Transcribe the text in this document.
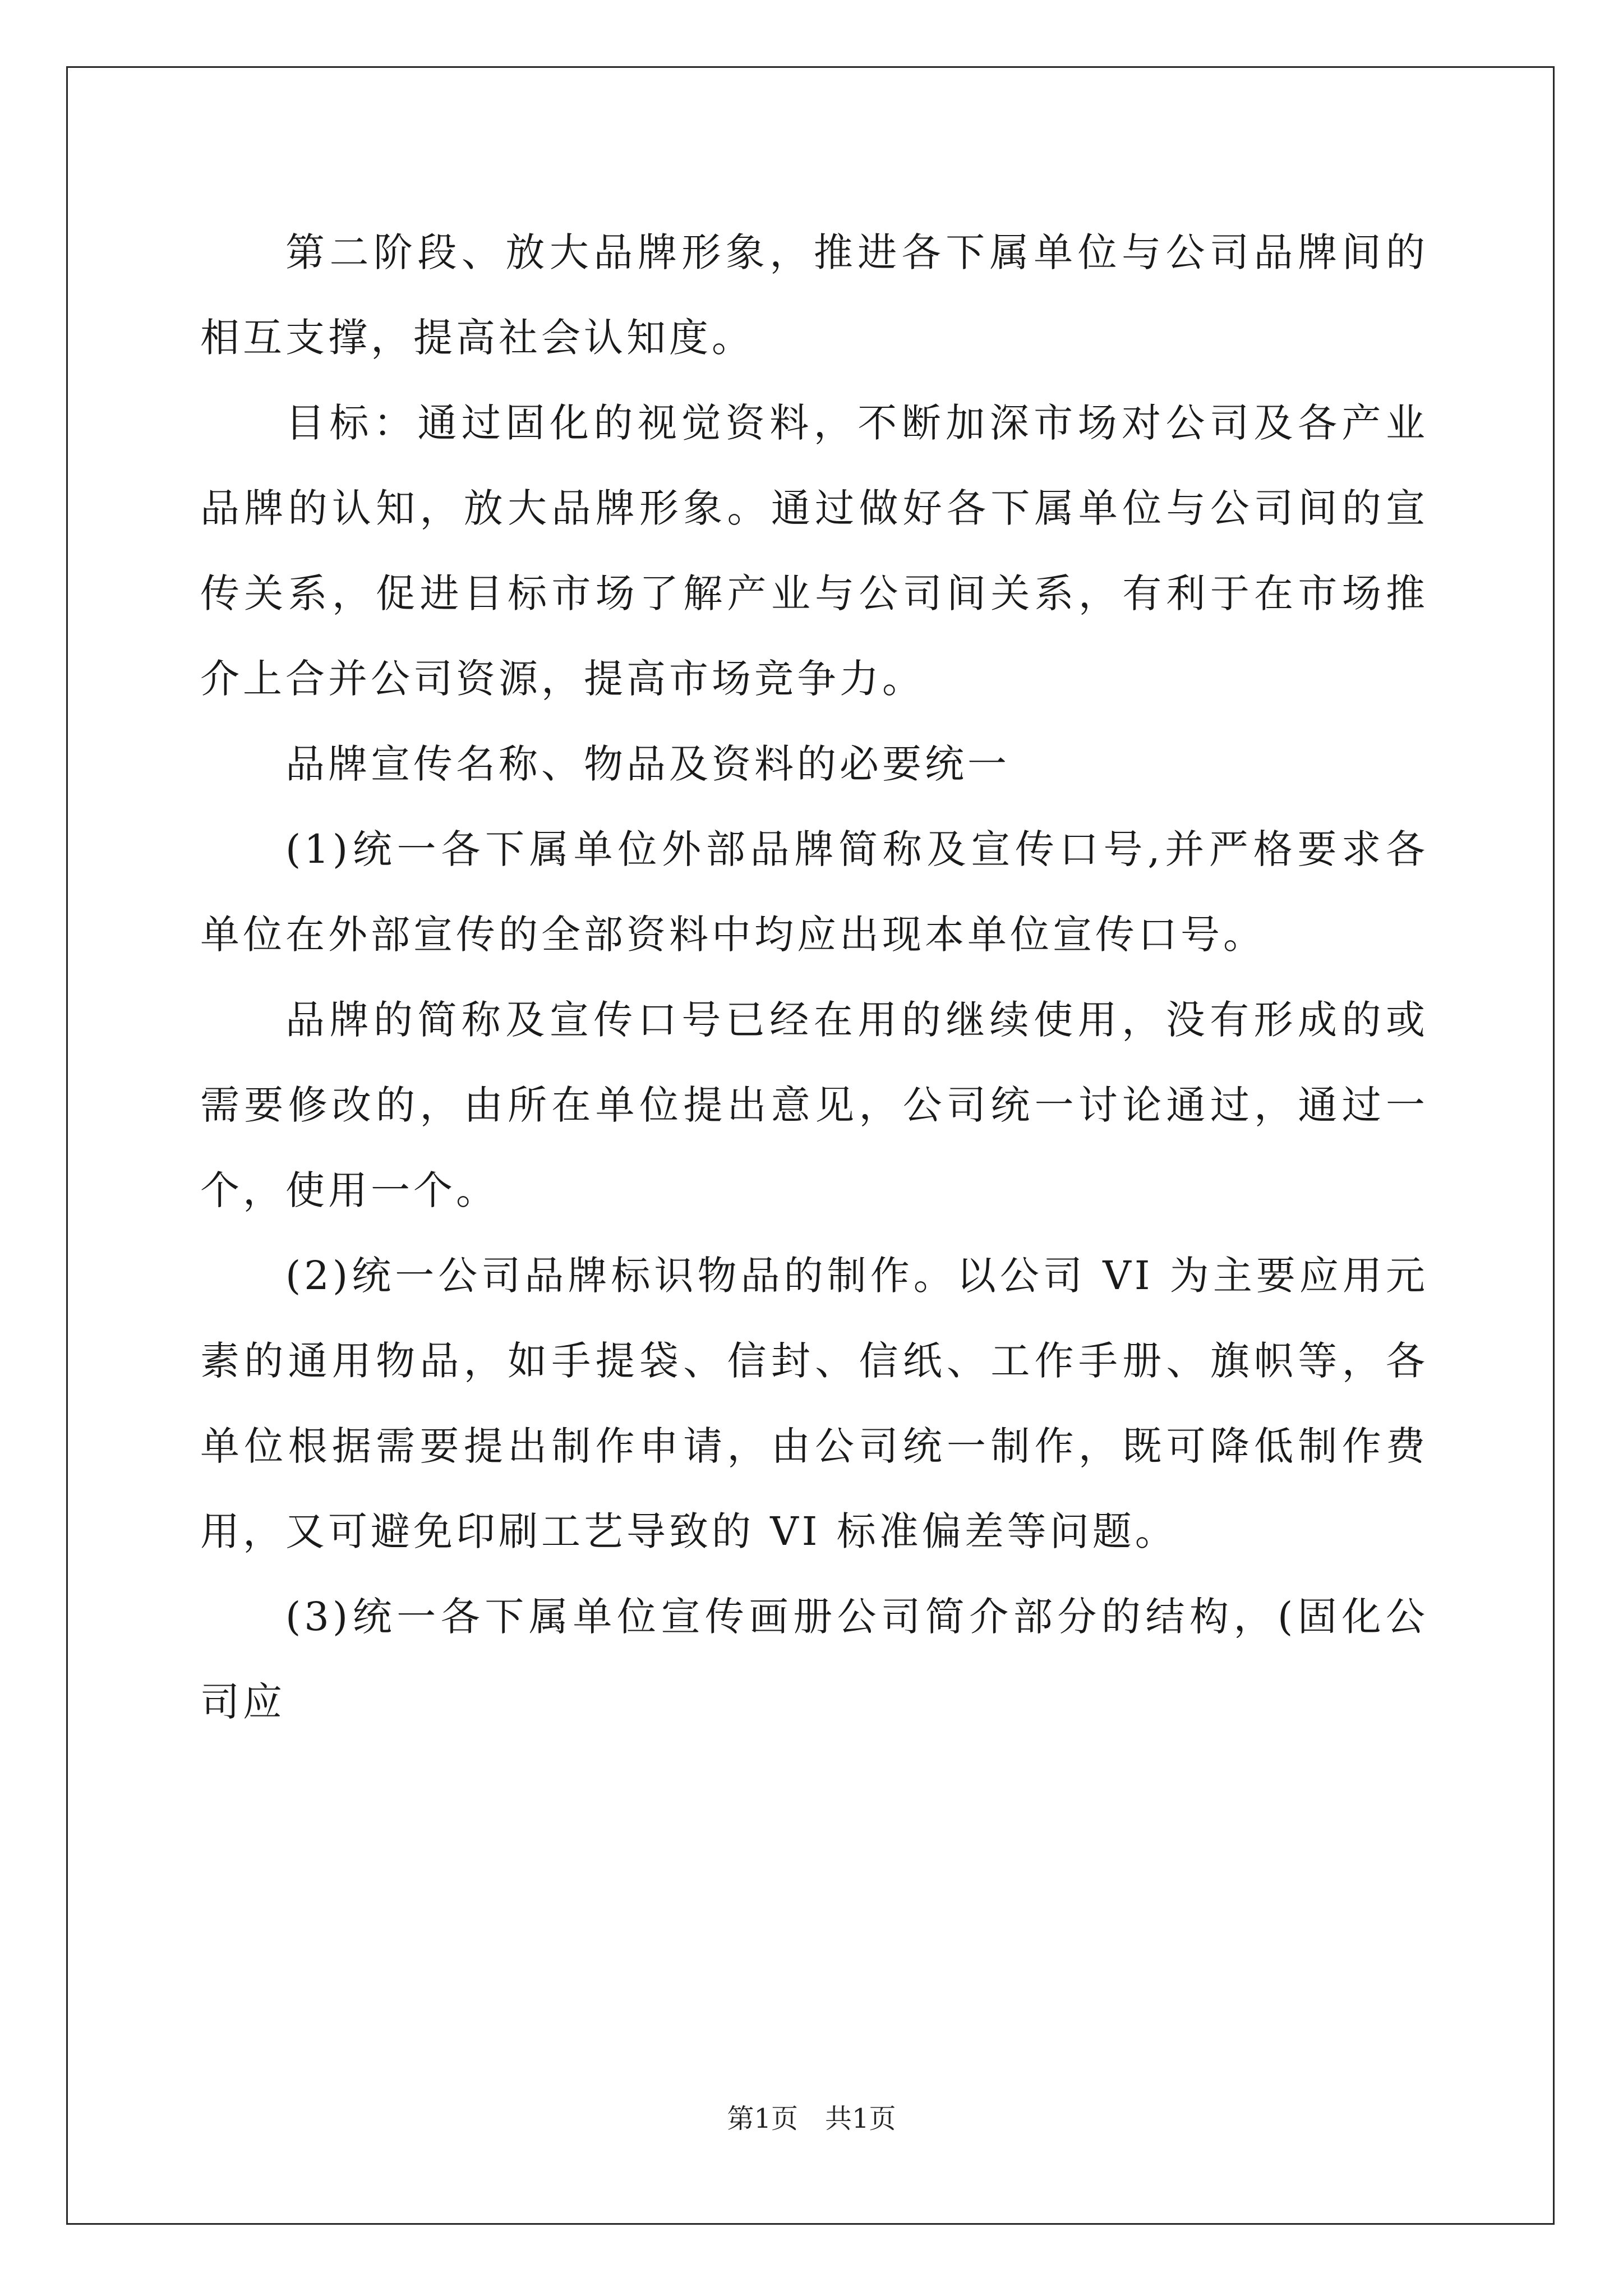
第二阶段、放大品牌形象，推进各下属单位与公司品牌间的相互支撑，提高社会认知度。

目标：通过固化的视觉资料，不断加深市场对公司及各产业品牌的认知，放大品牌形象。通过做好各下属单位与公司间的宣传关系，促进目标市场了解产业与公司间关系，有利于在市场推介上合并公司资源，提高市场竞争力。

品牌宣传名称、物品及资料的必要统一

(1)统一各下属单位外部品牌简称及宣传口号,并严格要求各单位在外部宣传的全部资料中均应出现本单位宣传口号。

品牌的简称及宣传口号已经在用的继续使用，没有形成的或需要修改的，由所在单位提出意见，公司统一讨论通过，通过一个，使用一个。

(2)统一公司品牌标识物品的制作。以公司 VI 为主要应用元素的通用物品，如手提袋、信封、信纸、工作手册、旗帜等，各单位根据需要提出制作申请，由公司统一制作，既可降低制作费用，又可避免印刷工艺导致的 VI 标准偏差等问题。

(3)统一各下属单位宣传画册公司简介部分的结构，(固化公司应

第1页 共1页
